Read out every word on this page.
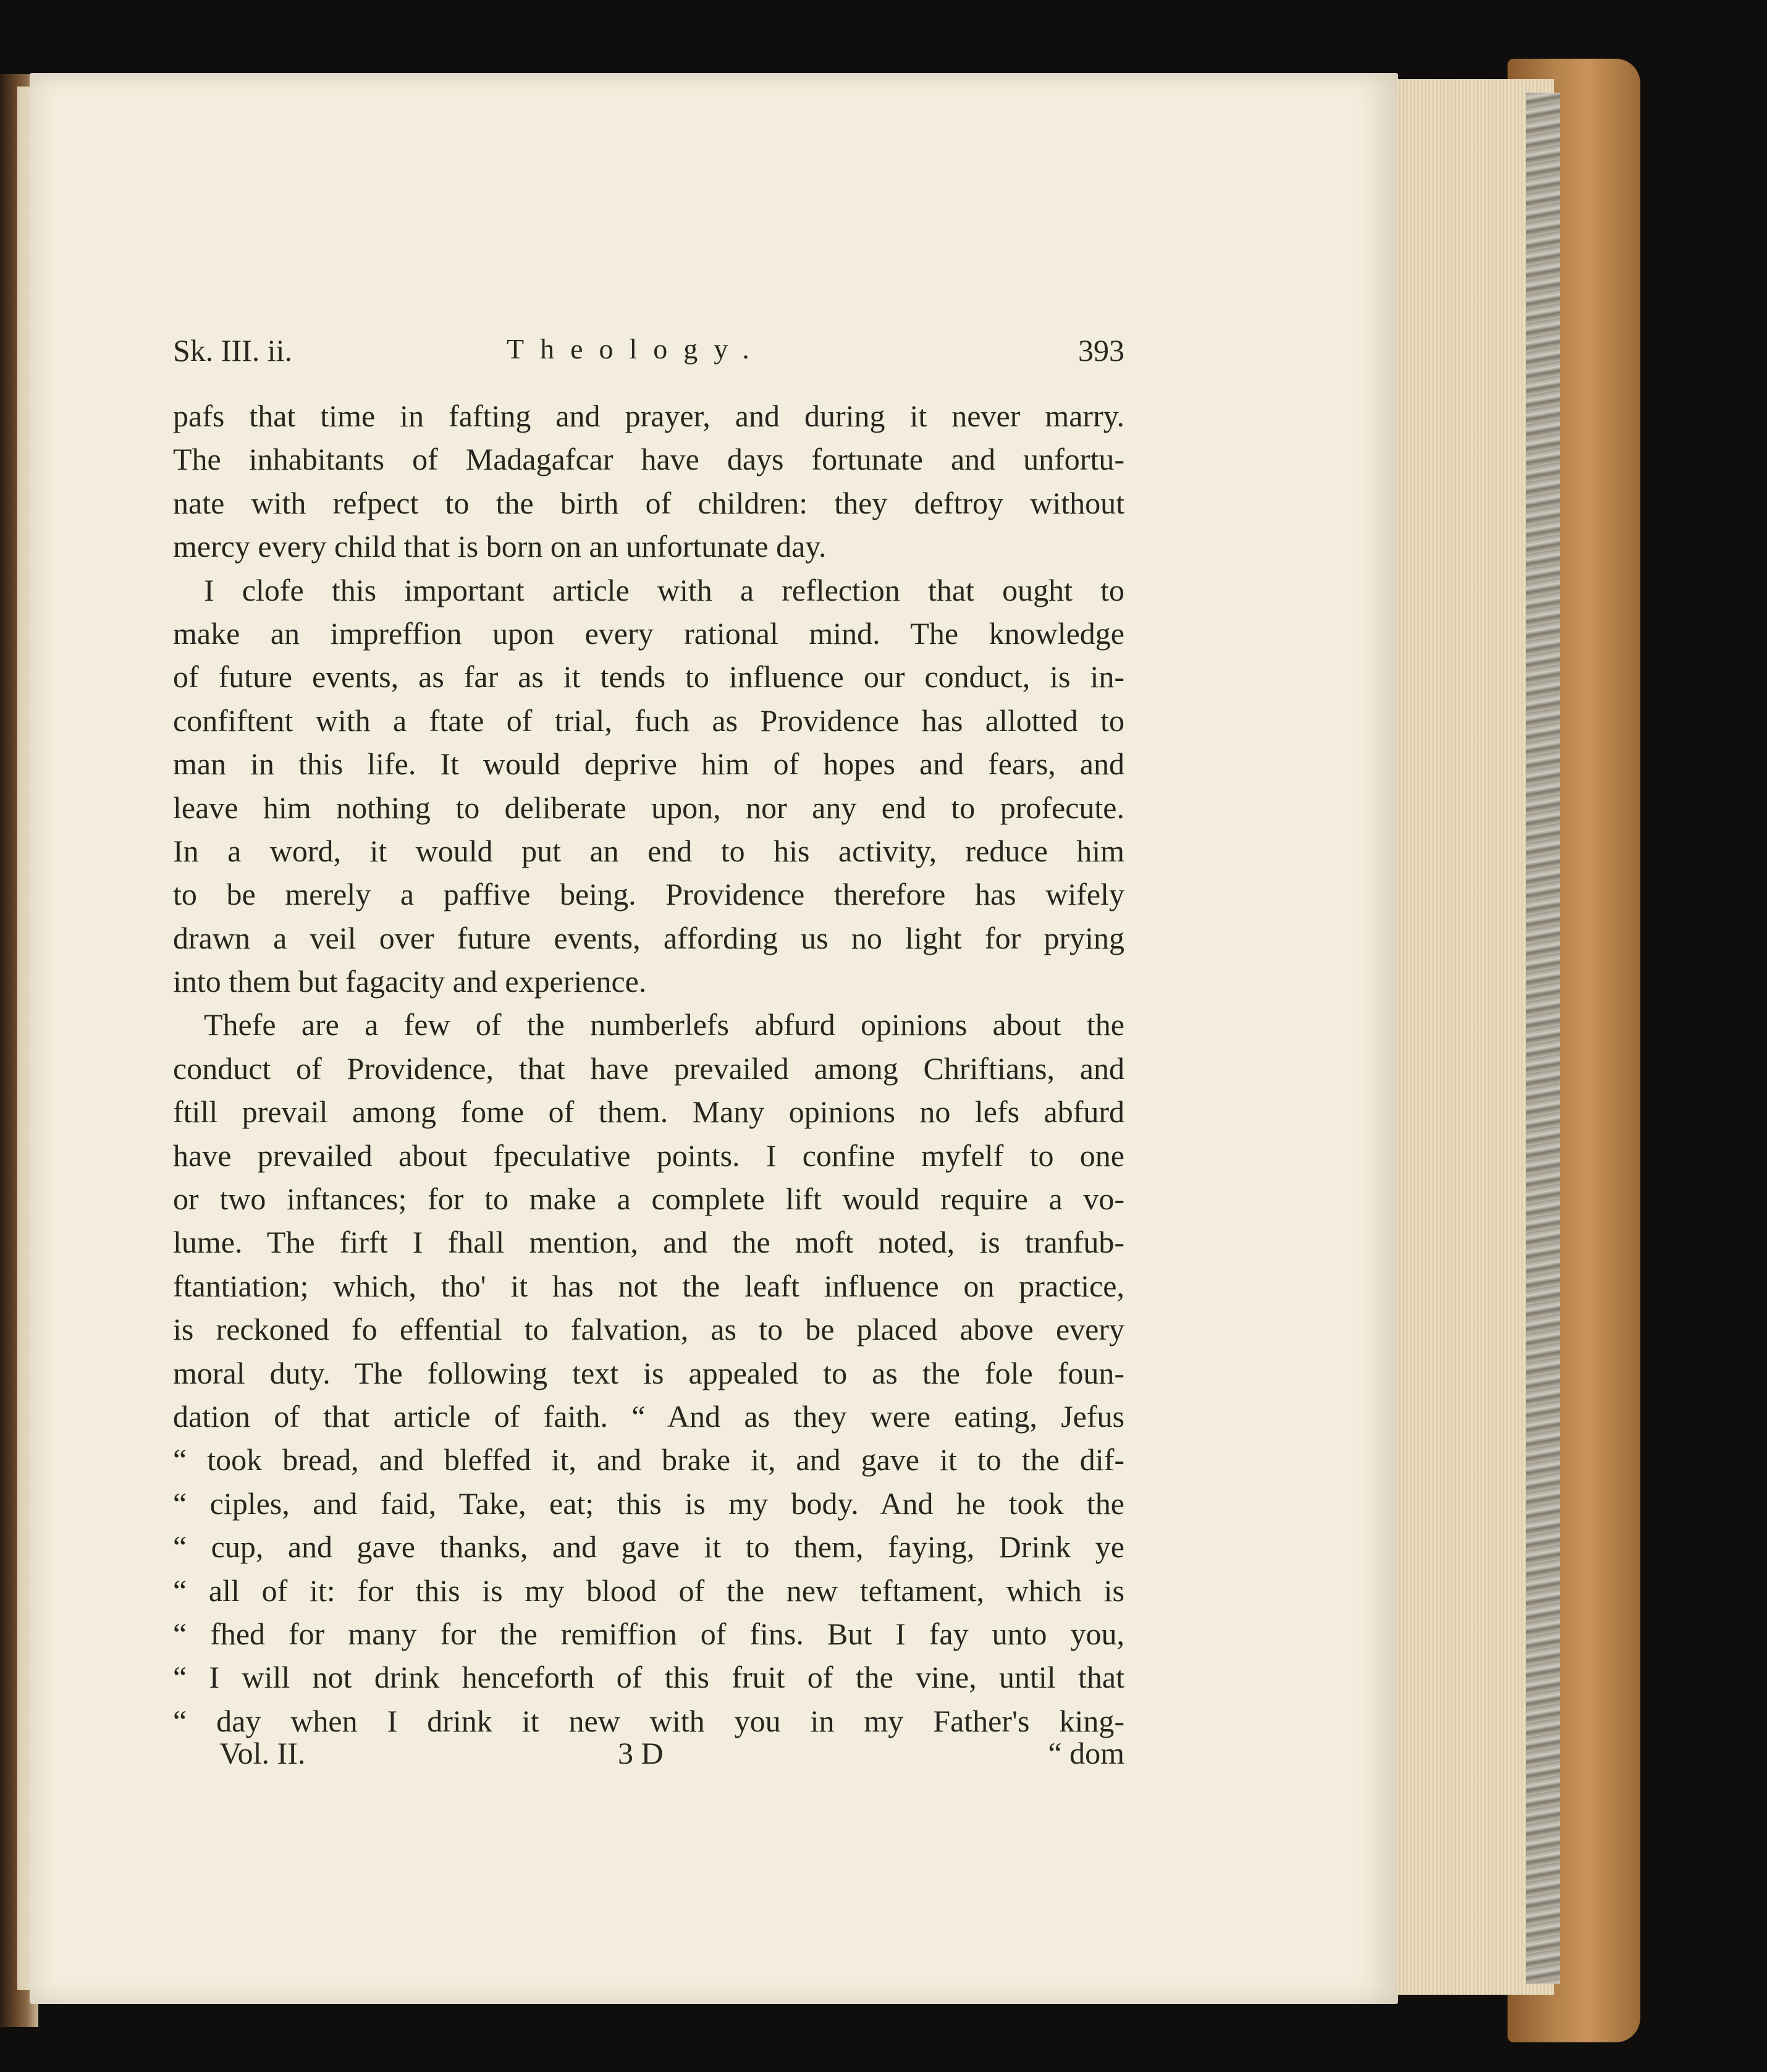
Sk. III. ii.	Theology.	393
pafs that time in fafting and prayer, and during it never marry.
The inhabitants of Madagafcar have days fortunate and unfortu-
nate with refpect to the birth of children: they deftroy without
mercy every child that is born on an unfortunate day.
I clofe this important article with a reflection that ought to
make an impreffion upon every rational mind. The knowledge
of future events, as far as it tends to influence our conduct, is in-
confiftent with a ftate of trial, fuch as Providence has allotted to
man in this life. It would deprive him of hopes and fears, and
leave him nothing to deliberate upon, nor any end to profecute.
In a word, it would put an end to his activity, reduce him
to be merely a paffive being. Providence therefore has wifely
drawn a veil over future events, affording us no light for prying
into them but fagacity and experience.
Thefe are a few of the numberlefs abfurd opinions about the
conduct of Providence, that have prevailed among Chriftians, and
ftill prevail among fome of them. Many opinions no lefs abfurd
have prevailed about fpeculative points. I confine myfelf to one
or two inftances; for to make a complete lift would require a vo-
lume. The firft I fhall mention, and the moft noted, is tranfub-
ftantiation; which, tho' it has not the leaft influence on practice,
is reckoned fo effential to falvation, as to be placed above every
moral duty. The following text is appealed to as the fole foun-
dation of that article of faith. “ And as they were eating, Jefus
“ took bread, and bleffed it, and brake it, and gave it to the dif-
“ ciples, and faid, Take, eat; this is my body. And he took the
“ cup, and gave thanks, and gave it to them, faying, Drink ye
“ all of it: for this is my blood of the new teftament, which is
“ fhed for many for the remiffion of fins. But I fay unto you,
“ I will not drink henceforth of this fruit of the vine, until that
“ day when I drink it new with you in my Father's king-
Vol. II.	3 D	“ dom
